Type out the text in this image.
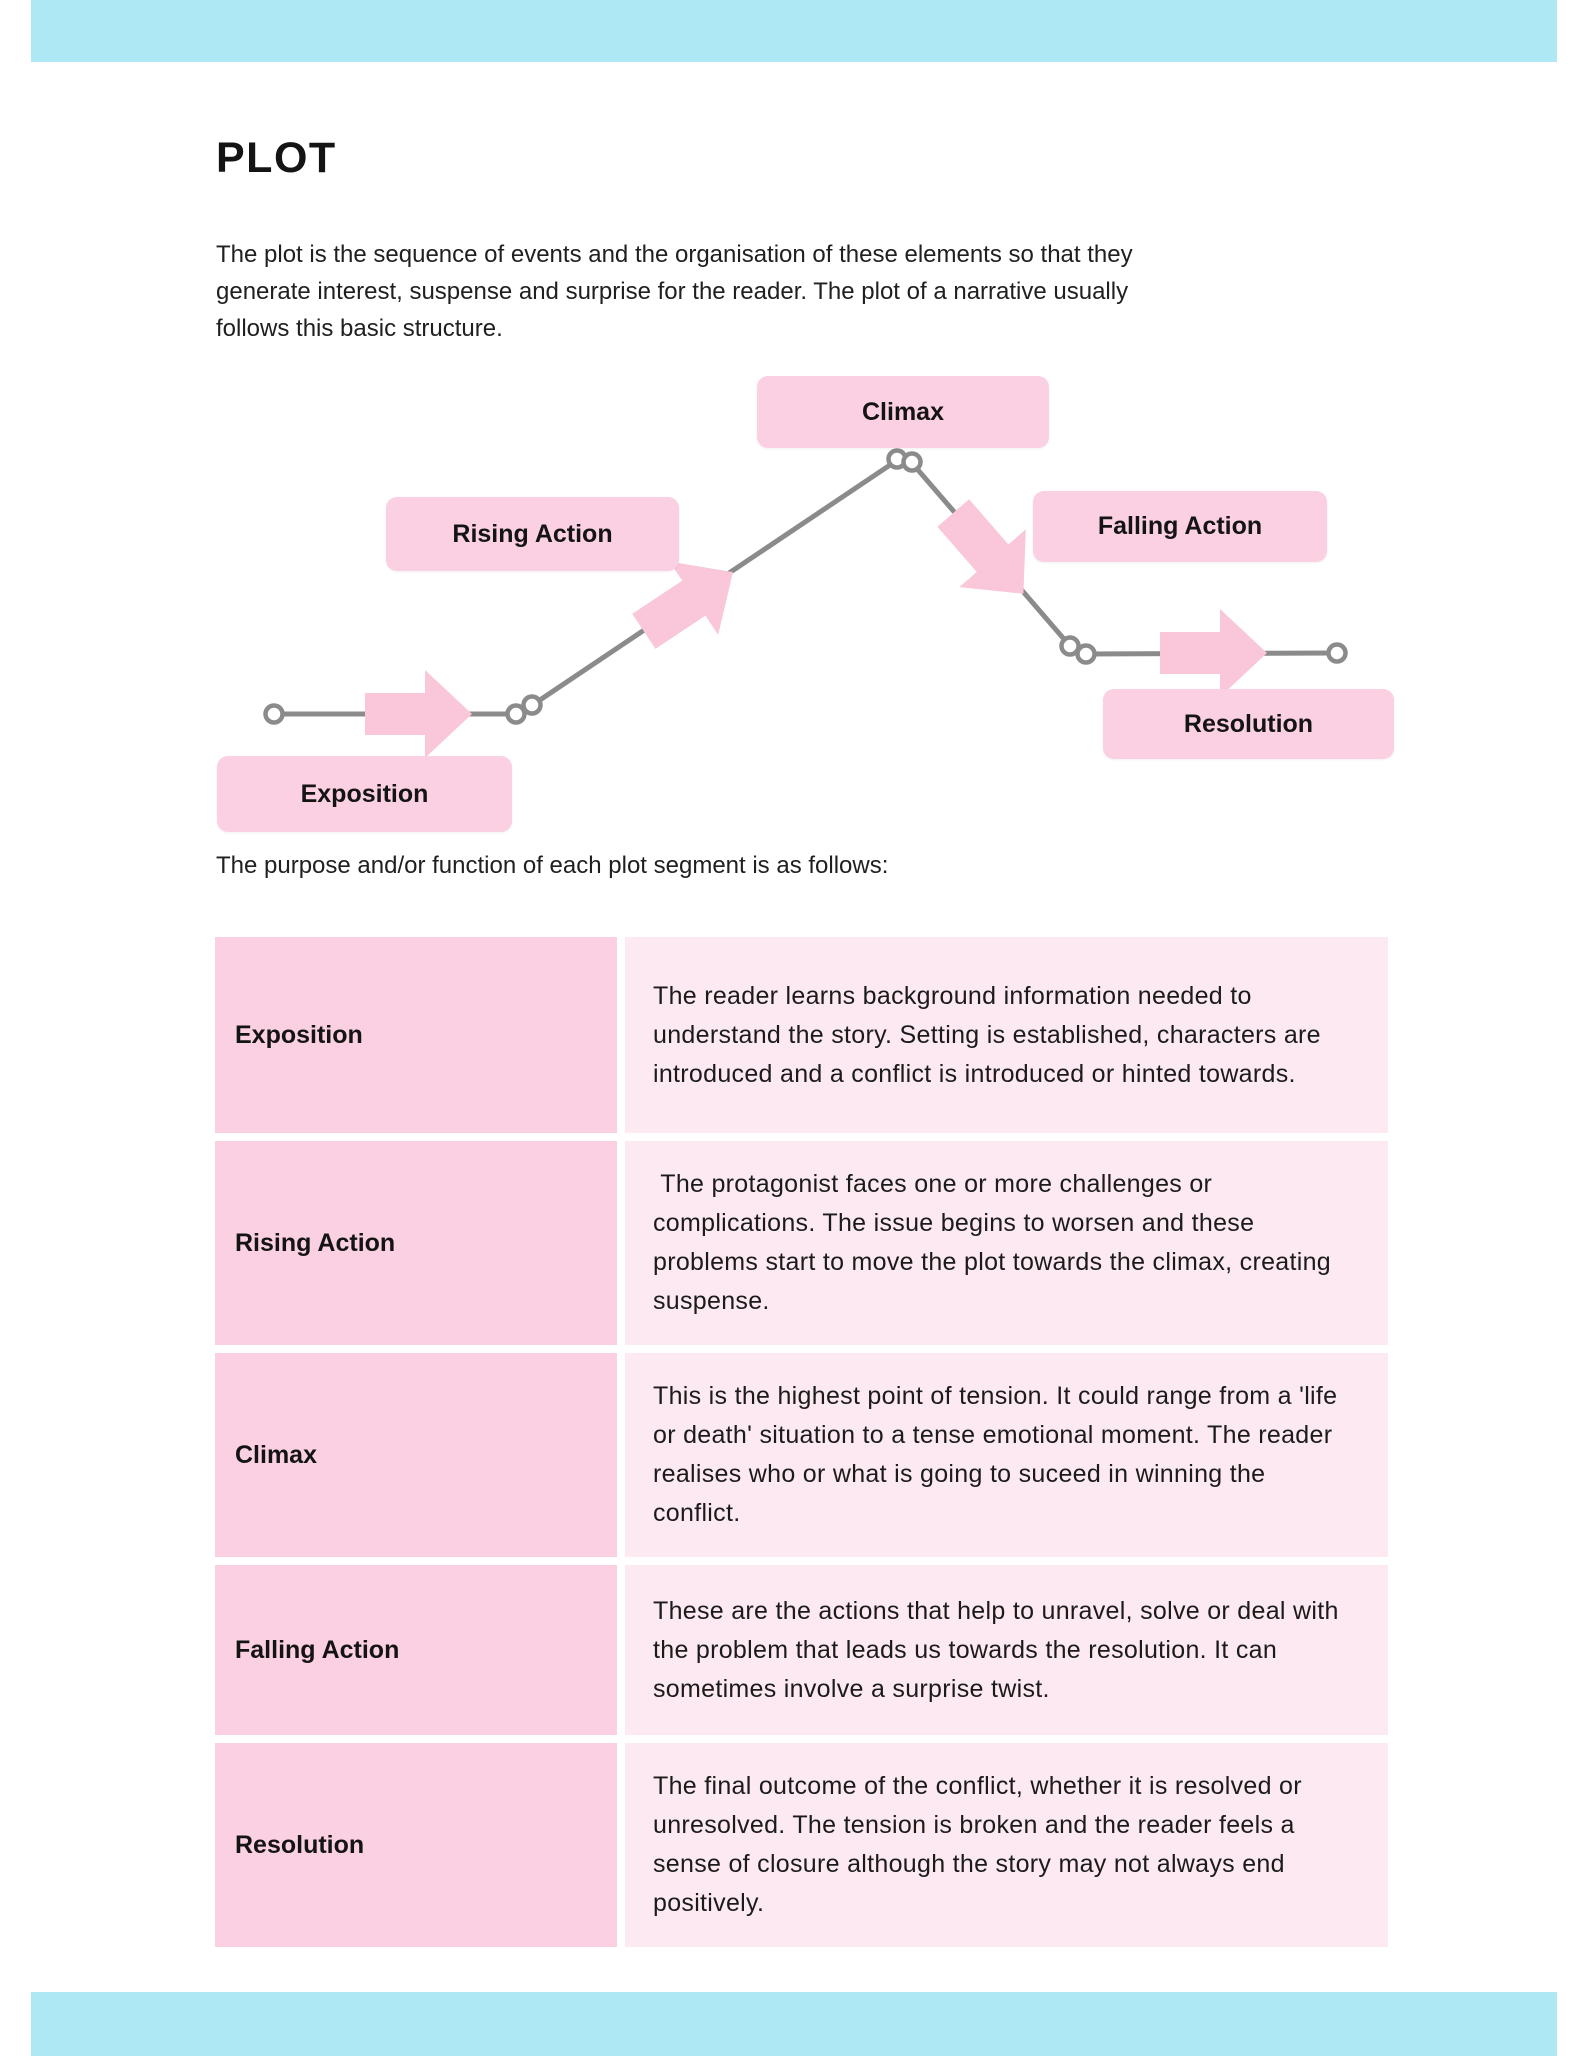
PLOT
The plot is the sequence of events and the organisation of these elements so that they
generate interest, suspense and surprise for the reader. The plot of a narrative usually
follows this basic structure.
Climax
Rising Action	Falling Action
Resolution
Exposition

The purpose and/or function of each plot segment is as follows:

Exposition
The reader learns background information needed to understand the story. Setting is established, characters are introduced and a conflict is introduced or hinted towards.
Rising Action
The protagonist faces one or more challenges or complications. The issue begins to worsen and these problems start to move the plot towards the climax, creating suspense.
Climax
This is the highest point of tension. It could range from a 'life or death' situation to a tense emotional moment. The reader realises who or what is going to suceed in winning the conflict.
Falling Action
These are the actions that help to unravel, solve or deal with the problem that leads us towards the resolution. It can sometimes involve a surprise twist.
Resolution
The final outcome of the conflict, whether it is resolved or unresolved. The tension is broken and the reader feels a sense of closure although the story may not always end positively.
